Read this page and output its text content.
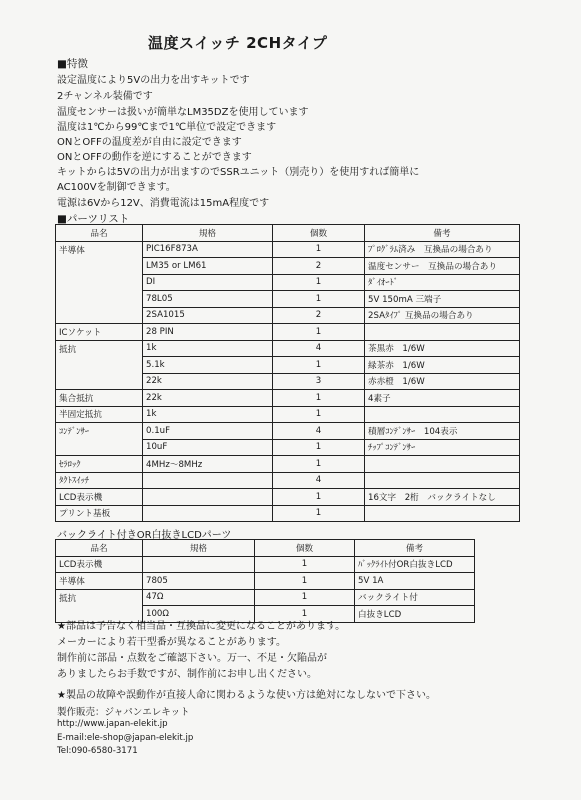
温度スイッチ 2CHタイプ
■特徴
設定温度により5Vの出力を出すキットです
2チャンネル装備です
温度センサーは扱いが簡単なLM35DZを使用しています
温度は1℃から99℃まで1℃単位で設定できます
ONとOFFの温度差が自由に設定できます
ONとOFFの動作を逆にすることができます
キットからは5Vの出力が出ますのでSSRユニット（別売り）を使用すれば簡単に
AC100Vを制御できます。
電源は6Vから12V、消費電流は15mA程度です
■パーツリスト
品名	規格	個数	備考
半導体	PIC16F873A	1	ﾌﾟﾛｸﾞﾗﾑ済み　互換品の場合あり
	LM35 or LM61	2	温度センサー　互換品の場合あり
	DI	1	ﾀﾞｲｵｰﾄﾞ
	78L05	1	5V 150mA 三端子
	2SA1015	2	2SAﾀｲﾌﾟ 互換品の場合あり
ICソケット	28 PIN	1	
抵抗	1k	4	茶黒赤　1/6W
	5.1k	1	緑茶赤　1/6W
	22k	3	赤赤橙　1/6W
集合抵抗	22k	1	4素子
半固定抵抗	1k	1	
ｺﾝﾃﾞﾝｻｰ	0.1uF	4	積層ｺﾝﾃﾞﾝｻｰ　104表示
	10uF	1	ﾁｯﾌﾟｺﾝﾃﾞﾝｻｰ
ｾﾗﾛｯｸ	4MHz～8MHz	1	
ﾀｸﾄｽｲｯﾁ		4	
LCD表示機		1	16文字　2桁　バックライトなし
プリント基板		1	
バックライト付きOR白抜きLCDパーツ
品名	規格	個数	備考
LCD表示機		1	ﾊﾞｯｸﾗｲﾄ付OR白抜きLCD
半導体	7805	1	5V 1A
抵抗	47Ω	1	バックライト付
	100Ω	1	白抜きLCD
★部品は予告なく相当品・互換品に変更になることがあります。
メーカーにより若干型番が異なることがあります。
制作前に部品・点数をご確認下さい。万一、不足・欠陥品が
ありましたらお手数ですが、制作前にお申し出ください。
★製品の故障や誤動作が直接人命に関わるような使い方は絶対になしないで下さい。
製作販売：ジャパンエレキット
http://www.japan-elekit.jp
E-mail:ele-shop@japan-elekit.jp
Tel:090-6580-3171
